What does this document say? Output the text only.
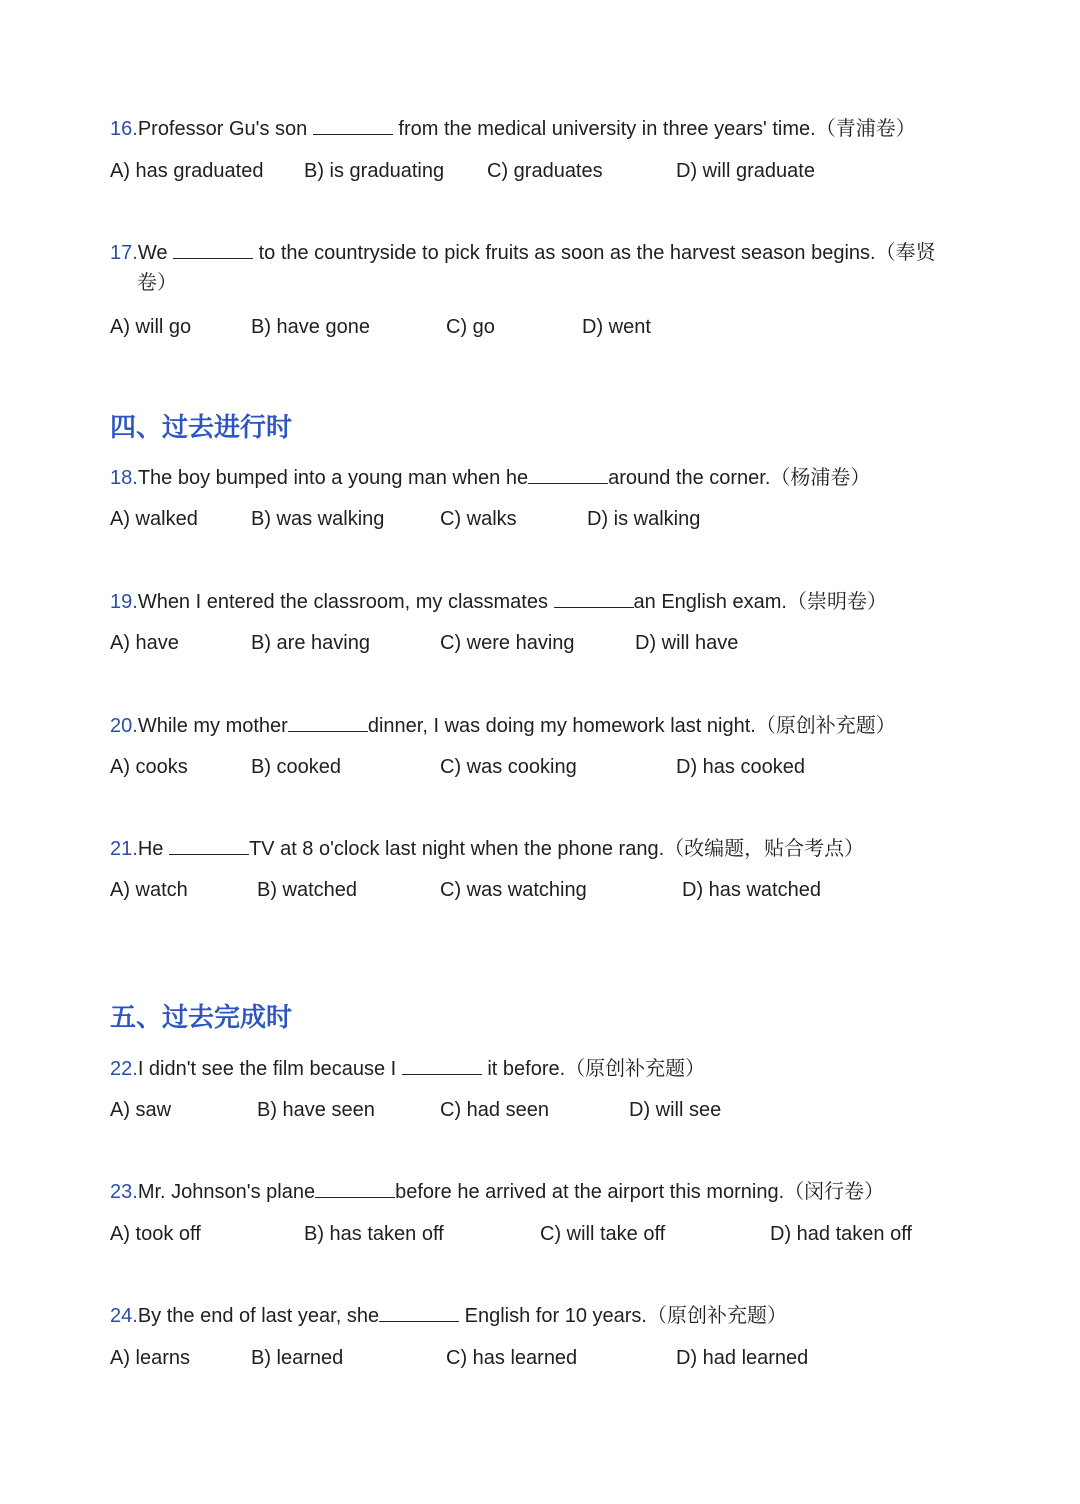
16.Professor Gu's son	from the medical university in three years' time.（青浦卷）
A) has graduated B) is graduating C) graduates	D) will graduate
17.We	to the countryside to pick fruits as soon as the harvest season begins.（奉贤
卷）
A) will go	B) have gone	C) go	D) went
四、过去进行时
18.The boy bumped into a young man when he	around the corner.（杨浦卷）
A) walked	B) was walking	C) walks	D) is walking
19.When I entered the classroom, my classmates	an English exam.（崇明卷）
A) have	B) are having	C) were having	D) will have
20.While my mother	dinner, I was doing my homework last night.（原创补充题）
A) cooks	B) cooked	C) was cooking	D) has cooked
21.He	TV at 8 o'clock last night when the phone rang.（改编题，贴合考点）
A) watch	B) watched	C) was watching	D) has watched
五、过去完成时
22.I didn't see the film because I	it before.（原创补充题）
A) saw	B) have seen	C) had seen	D) will see
23.Mr. Johnson's plane	before he arrived at the airport this morning.（闵行卷）
A) took off	B) has taken off	C) will take off	D) had taken off
24.By the end of last year, she	English for 10 years.（原创补充题）
A) learns	B) learned	C) has learned	D) had learned
